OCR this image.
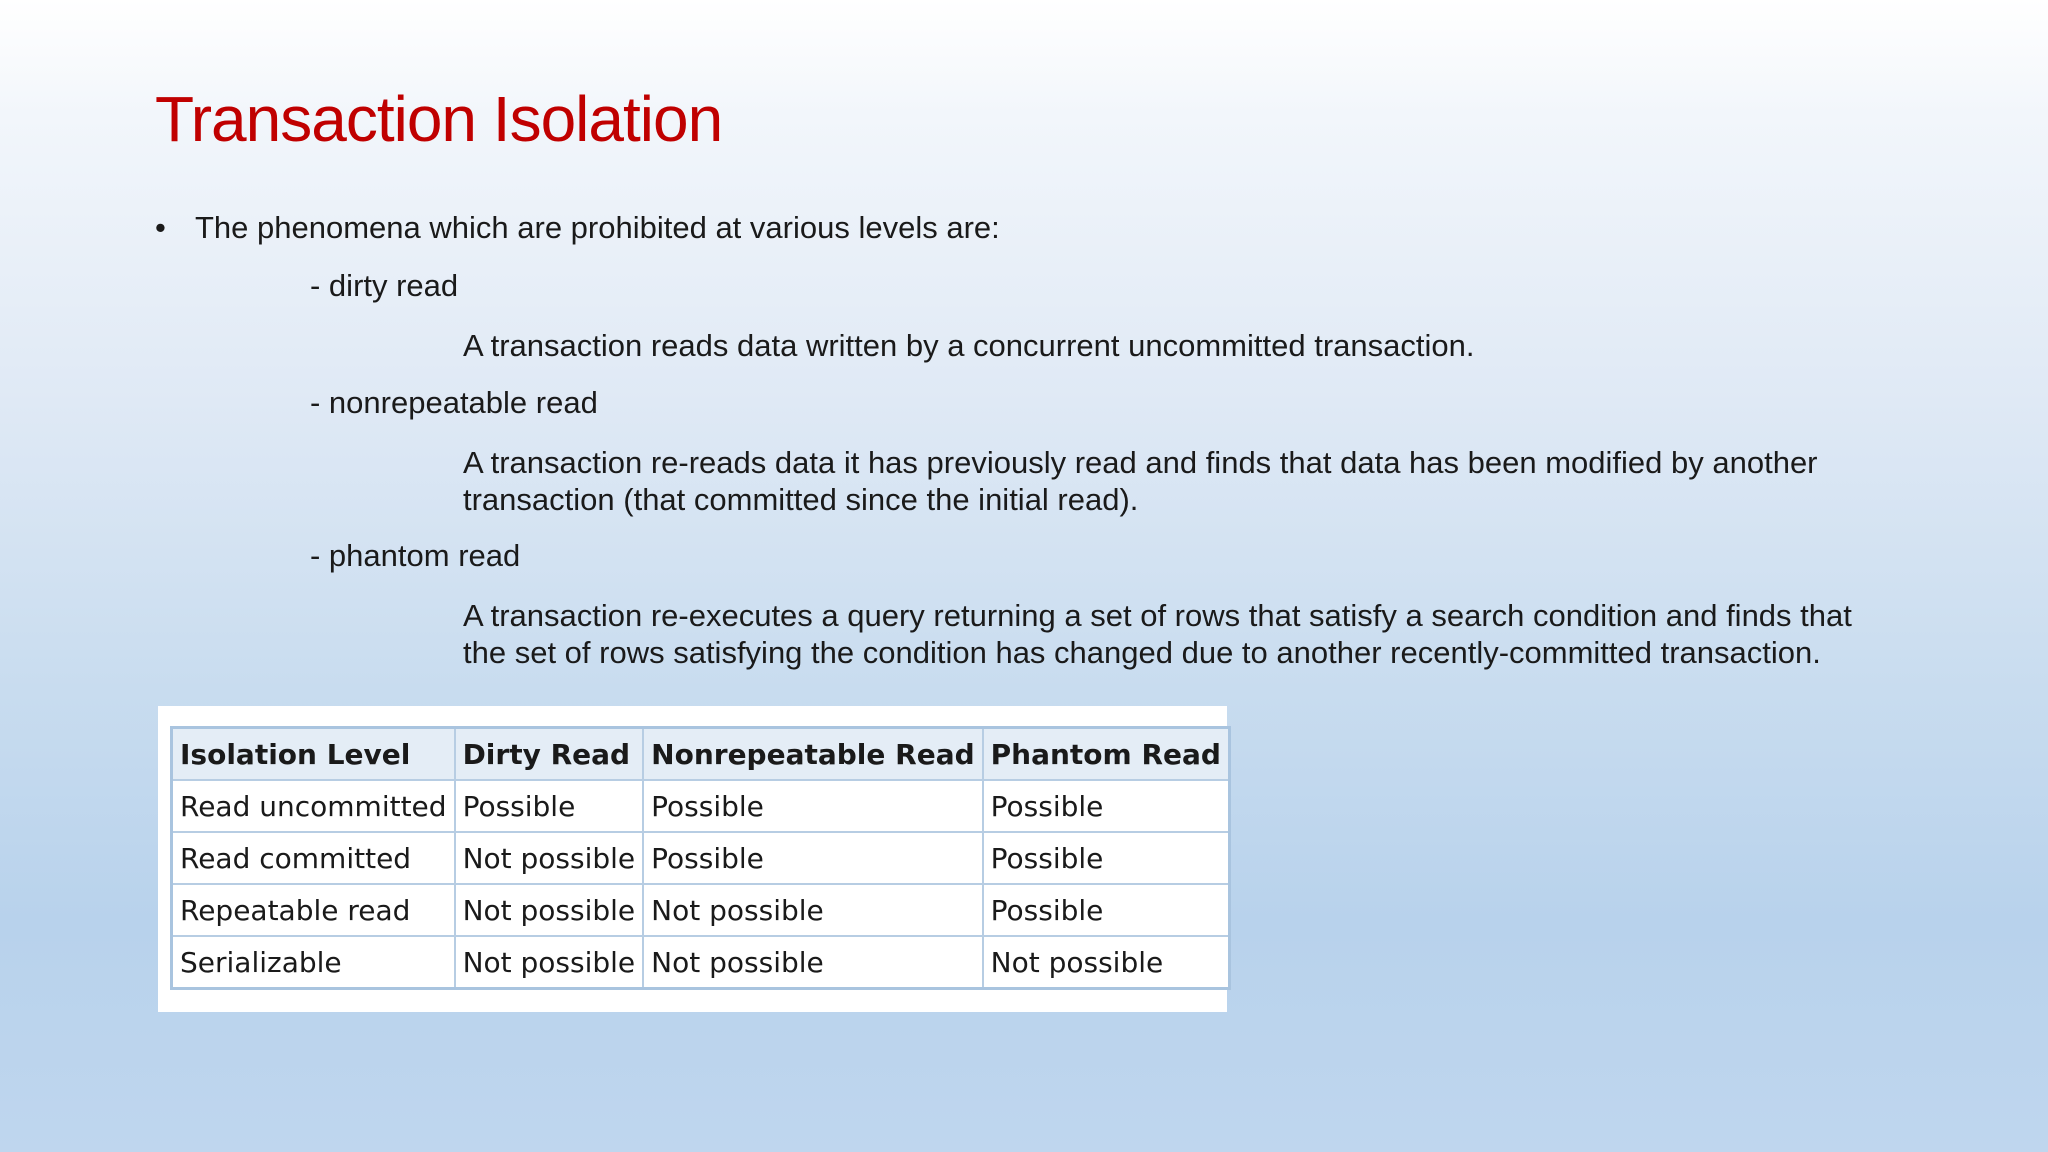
Transaction Isolation
• The phenomena which are prohibited at various levels are:
- dirty read
A transaction reads data written by a concurrent uncommitted transaction.
- nonrepeatable read
A transaction re-reads data it has previously read and finds that data has been modified by another transaction (that committed since the initial read).
- phantom read
A transaction re-executes a query returning a set of rows that satisfy a search condition and finds that the set of rows satisfying the condition has changed due to another recently-committed transaction.
Isolation Level	Dirty Read	Nonrepeatable Read	Phantom Read
Read uncommitted	Possible	Possible	Possible
Read committed	Not possible	Possible	Possible
Repeatable read	Not possible	Not possible	Possible
Serializable	Not possible	Not possible	Not possible
